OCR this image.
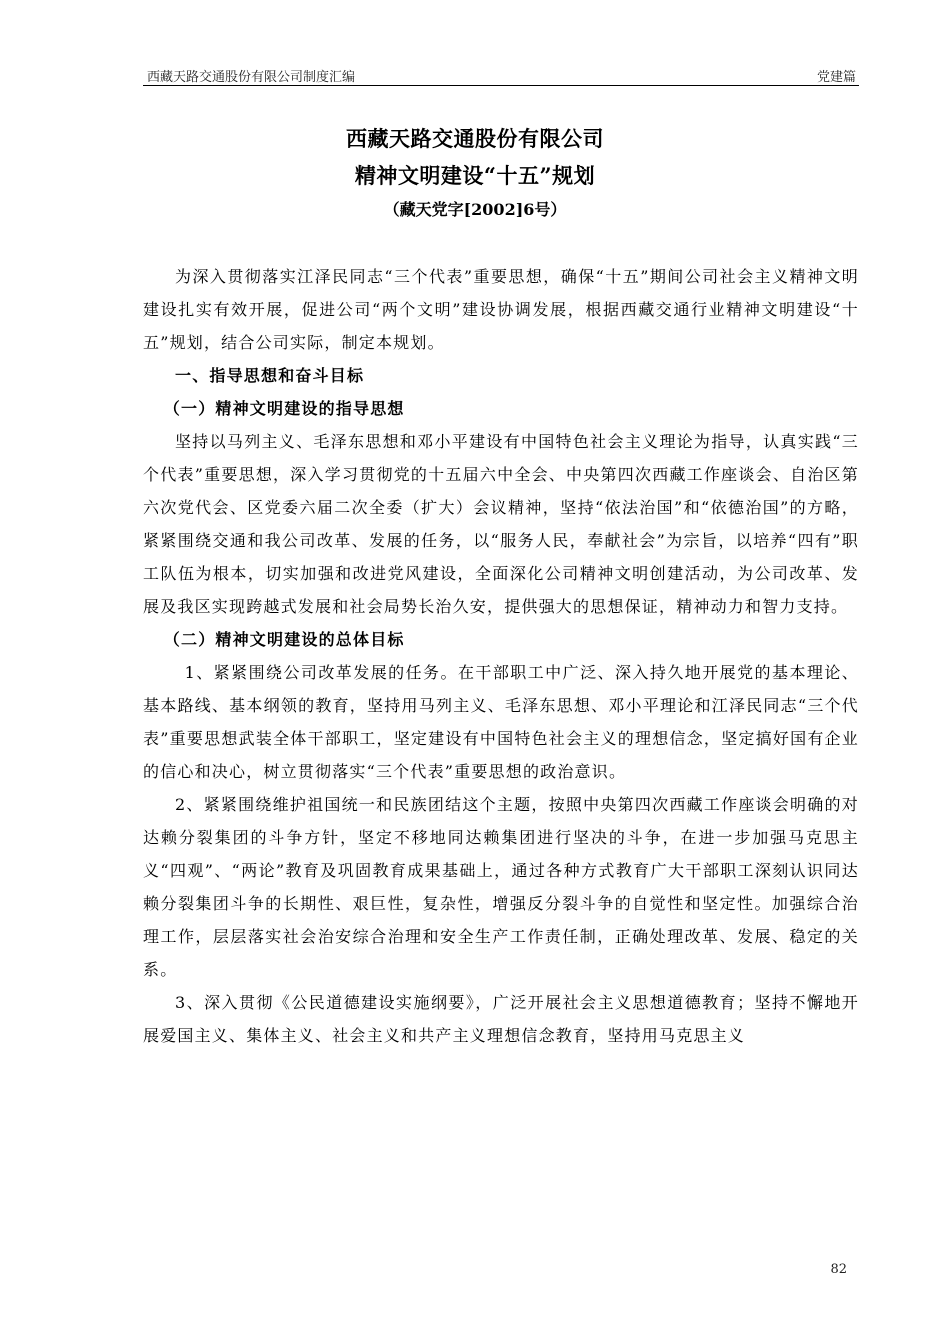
西藏天路交通股份有限公司制度汇编	党建篇
西藏天路交通股份有限公司
精神文明建设“十五”规划
（藏天党字[2002]6号）

为深入贯彻落实江泽民同志“三个代表”重要思想，确保“十五”期间公司社会主义精神文明建设扎实有效开展，促进公司“两个文明”建设协调发展，根据西藏交通行业精神文明建设“十五”规划，结合公司实际，制定本规划。

一、指导思想和奋斗目标

（一）精神文明建设的指导思想

坚持以马列主义、毛泽东思想和邓小平建设有中国特色社会主义理论为指导，认真实践“三个代表”重要思想，深入学习贯彻党的十五届六中全会、中央第四次西藏工作座谈会、自治区第六次党代会、区党委六届二次全委（扩大）会议精神，坚持“依法治国”和“依德治国”的方略，紧紧围绕交通和我公司改革、发展的任务，以“服务人民，奉献社会”为宗旨，以培养“四有”职工队伍为根本，切实加强和改进党风建设，全面深化公司精神文明创建活动，为公司改革、发展及我区实现跨越式发展和社会局势长治久安，提供强大的思想保证，精神动力和智力支持。

（二）精神文明建设的总体目标

1、紧紧围绕公司改革发展的任务。在干部职工中广泛、深入持久地开展党的基本理论、基本路线、基本纲领的教育，坚持用马列主义、毛泽东思想、邓小平理论和江泽民同志“三个代表”重要思想武装全体干部职工，坚定建设有中国特色社会主义的理想信念，坚定搞好国有企业的信心和决心，树立贯彻落实“三个代表”重要思想的政治意识。

2、紧紧围绕维护祖国统一和民族团结这个主题，按照中央第四次西藏工作座谈会明确的对达赖分裂集团的斗争方针，坚定不移地同达赖集团进行坚决的斗争，在进一步加强马克思主义“四观”、“两论”教育及巩固教育成果基础上，通过各种方式教育广大干部职工深刻认识同达赖分裂集团斗争的长期性、艰巨性，复杂性，增强反分裂斗争的自觉性和坚定性。加强综合治理工作，层层落实社会治安综合治理和安全生产工作责任制，正确处理改革、发展、稳定的关系。

3、深入贯彻《公民道德建设实施纲要》，广泛开展社会主义思想道德教育；坚持不懈地开展爱国主义、集体主义、社会主义和共产主义理想信念教育，坚持用马克思主义

82
